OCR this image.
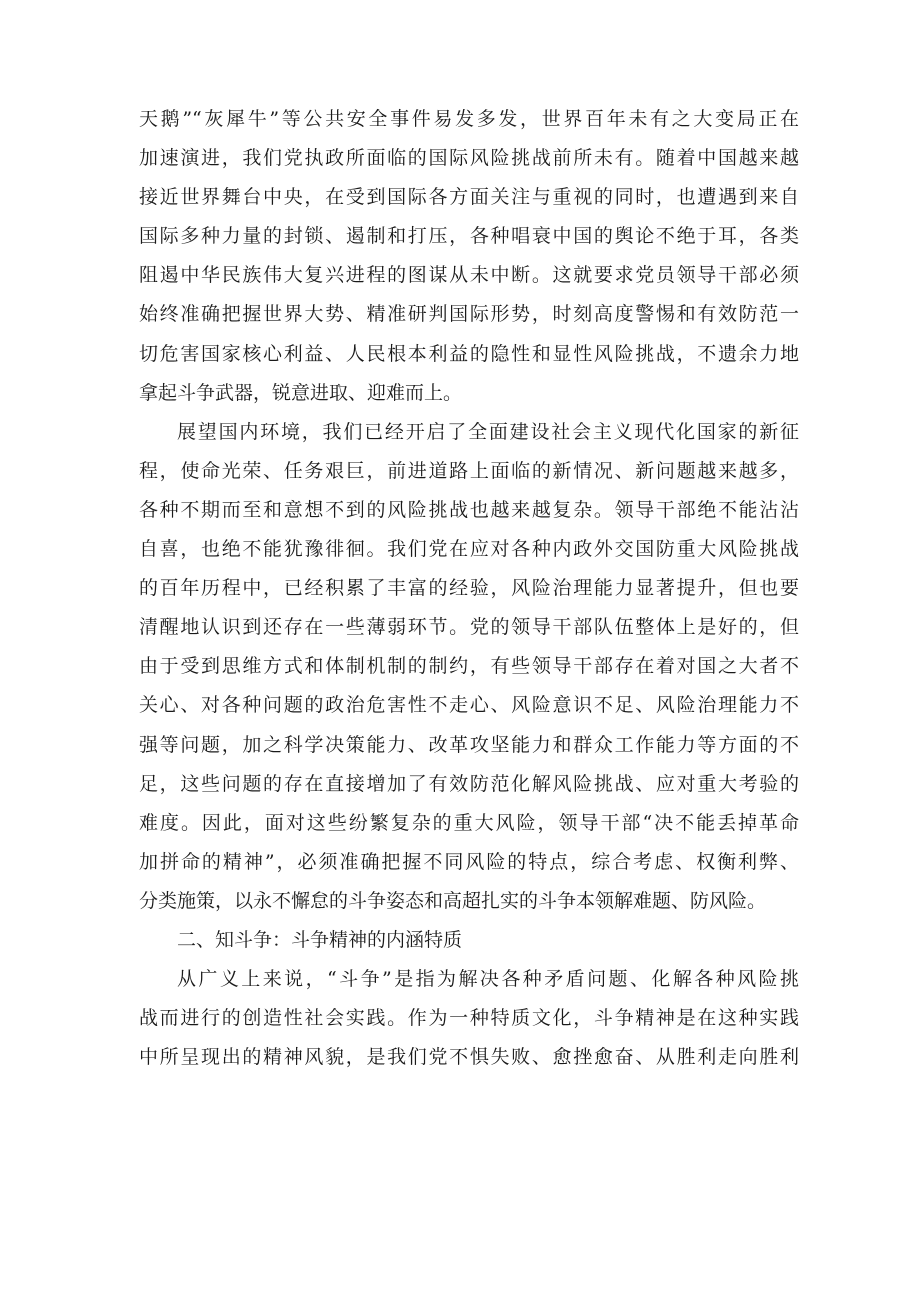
天鹅”“灰犀牛”等公共安全事件易发多发，世界百年未有之大变局正在
加速演进，我们党执政所面临的国际风险挑战前所未有。随着中国越来越
接近世界舞台中央，在受到国际各方面关注与重视的同时，也遭遇到来自
国际多种力量的封锁、遏制和打压，各种唱衰中国的舆论不绝于耳，各类
阻遏中华民族伟大复兴进程的图谋从未中断。这就要求党员领导干部必须
始终准确把握世界大势、精准研判国际形势，时刻高度警惕和有效防范一
切危害国家核心利益、人民根本利益的隐性和显性风险挑战，不遗余力地
拿起斗争武器，锐意进取、迎难而上。
展望国内环境，我们已经开启了全面建设社会主义现代化国家的新征
程，使命光荣、任务艰巨，前进道路上面临的新情况、新问题越来越多，
各种不期而至和意想不到的风险挑战也越来越复杂。领导干部绝不能沾沾
自喜，也绝不能犹豫徘徊。我们党在应对各种内政外交国防重大风险挑战
的百年历程中，已经积累了丰富的经验，风险治理能力显著提升，但也要
清醒地认识到还存在一些薄弱环节。党的领导干部队伍整体上是好的，但
由于受到思维方式和体制机制的制约，有些领导干部存在着对国之大者不
关心、对各种问题的政治危害性不走心、风险意识不足、风险治理能力不
强等问题，加之科学决策能力、改革攻坚能力和群众工作能力等方面的不
足，这些问题的存在直接增加了有效防范化解风险挑战、应对重大考验的
难度。因此，面对这些纷繁复杂的重大风险，领导干部“决不能丢掉革命
加拼命的精神”，必须准确把握不同风险的特点，综合考虑、权衡利弊、
分类施策，以永不懈怠的斗争姿态和高超扎实的斗争本领解难题、防风险。
二、知斗争：斗争精神的内涵特质
从广义上来说，“斗争”是指为解决各种矛盾问题、化解各种风险挑
战而进行的创造性社会实践。作为一种特质文化，斗争精神是在这种实践
中所呈现出的精神风貌，是我们党不惧失败、愈挫愈奋、从胜利走向胜利
